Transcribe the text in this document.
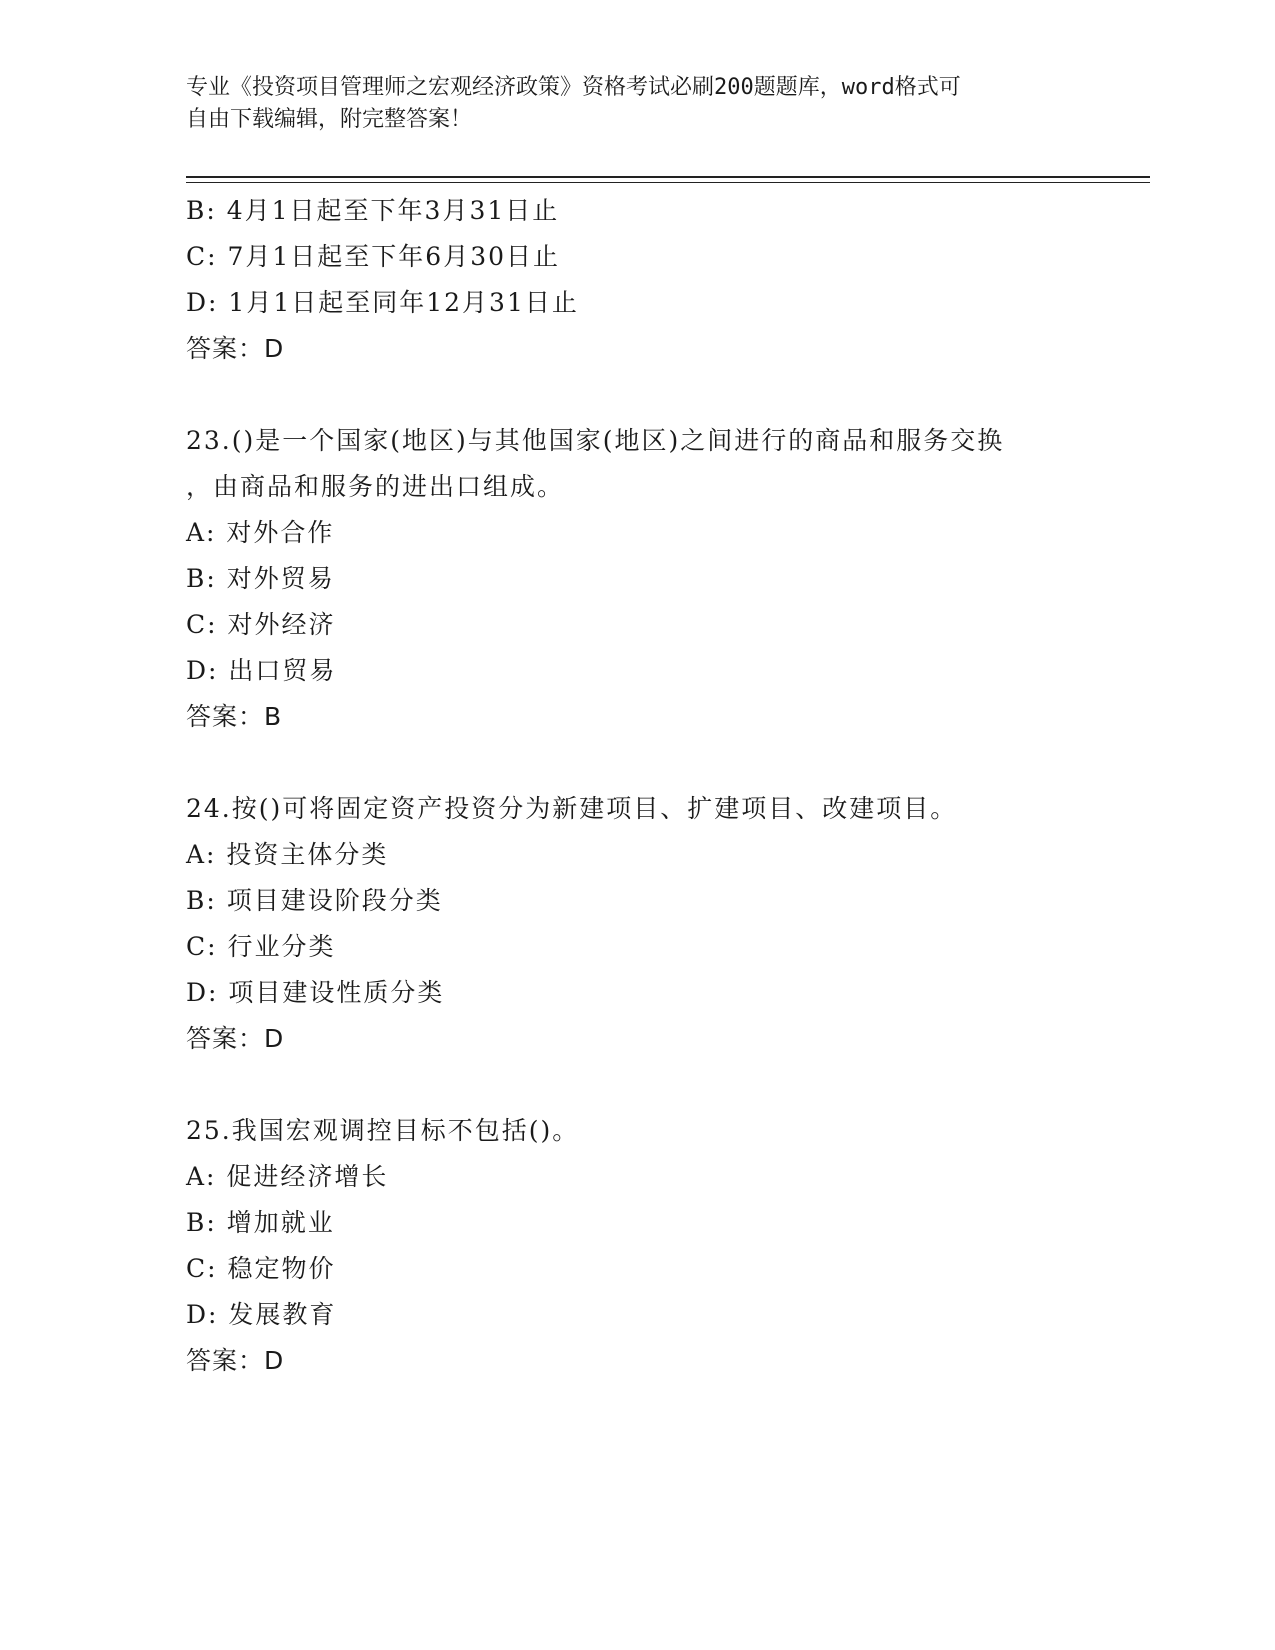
专业《投资项目管理师之宏观经济政策》资格考试必刷200题题库，word格式可
自由下载编辑，附完整答案！
B: 4月1日起至下年3月31日止
C: 7月1日起至下年6月30日止
D: 1月1日起至同年12月31日止
答案：D
23.()是一个国家(地区)与其他国家(地区)之间进行的商品和服务交换
，由商品和服务的进出口组成。
A: 对外合作
B: 对外贸易
C: 对外经济
D: 出口贸易
答案：B
24.按()可将固定资产投资分为新建项目、扩建项目、改建项目。
A: 投资主体分类
B: 项目建设阶段分类
C: 行业分类
D: 项目建设性质分类
答案：D
25.我国宏观调控目标不包括()。
A: 促进经济增长
B: 增加就业
C: 稳定物价
D: 发展教育
答案：D
